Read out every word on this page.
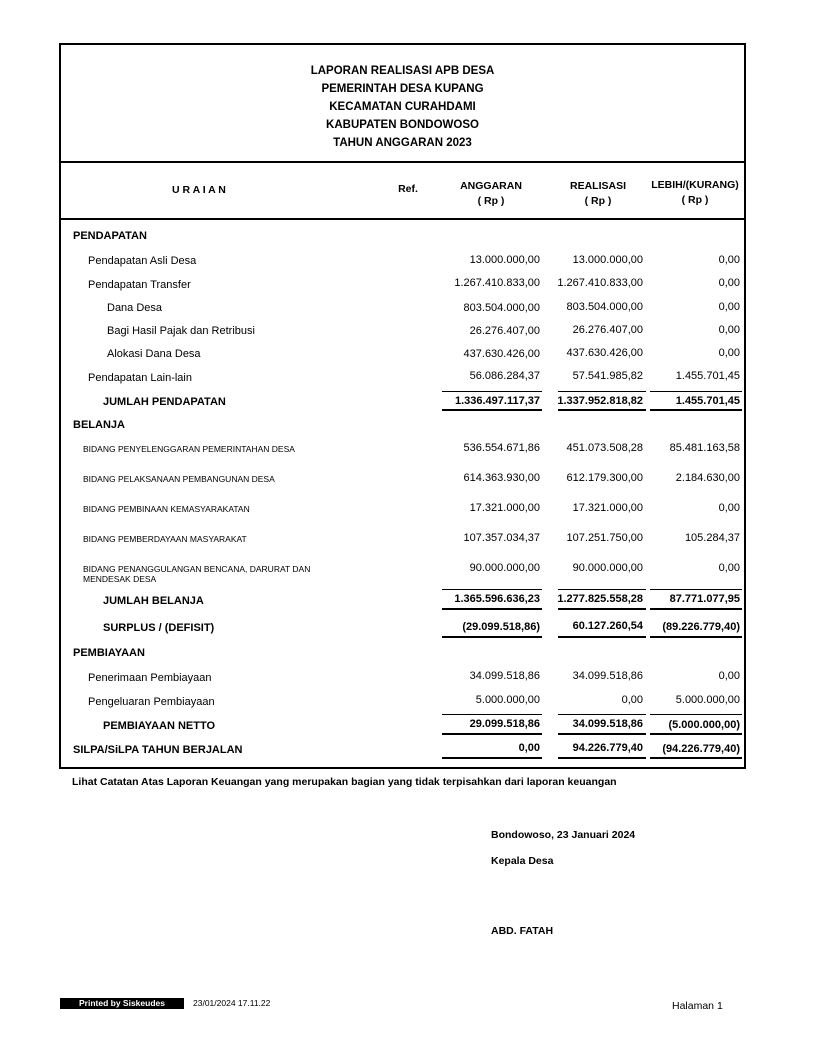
LAPORAN REALISASI APB DESA
PEMERINTAH DESA KUPANG
KECAMATAN CURAHDAMI
KABUPATEN BONDOWOSO
TAHUN ANGGARAN 2023
U R A I A N	Ref.	ANGGARAN
( Rp )
REALISASI
( Rp )
LEBIH/(KURANG)
( Rp )
PENDAPATAN
Pendapatan Asli Desa	13.000.000,00	13.000.000,00	0,00
Pendapatan Transfer	1.267.410.833,00 1.267.410.833,00	0,00
Dana Desa	803.504.000,00 803.504.000,00	0,00
Bagi Hasil Pajak dan Retribusi	26.276.407,00	26.276.407,00	0,00
Alokasi Dana Desa	437.630.426,00 437.630.426,00	0,00
Pendapatan Lain-lain	56.086.284,37	57.541.985,82	1.455.701,45
JUMLAH PENDAPATAN	1.336.497.117,37 1.337.952.818,82	1.455.701,45
BELANJA
BIDANG PENYELENGGARAN PEMERINTAHAN DESA	536.554.671,86 451.073.508,28 85.481.163,58
BIDANG PELAKSANAAN PEMBANGUNAN DESA	614.363.930,00 612.179.300,00	2.184.630,00
BIDANG PEMBINAAN KEMASYARAKATAN	17.321.000,00	17.321.000,00	0,00
BIDANG PEMBERDAYAAN MASYARAKAT	107.357.034,37 107.251.750,00	105.284,37
BIDANG PENANGGULANGAN BENCANA, DARURAT DAN
MENDESAK DESA
90.000.000,00	90.000.000,00	0,00
JUMLAH BELANJA	1.365.596.636,23 1.277.825.558,28 87.771.077,95
SURPLUS / (DEFISIT)	(29.099.518,86)	60.127.260,54 (89.226.779,40)
PEMBIAYAAN
Penerimaan Pembiayaan	34.099.518,86	34.099.518,86	0,00
Pengeluaran Pembiayaan	5.000.000,00	0,00	5.000.000,00
PEMBIAYAAN NETTO	29.099.518,86	34.099.518,86 (5.000.000,00)
SILPA/SiLPA TAHUN BERJALAN	0,00	94.226.779,40 (94.226.779,40)
Lihat Catatan Atas Laporan Keuangan yang merupakan bagian yang tidak terpisahkan dari laporan keuangan
Bondowoso, 23 Januari 2024
Kepala Desa
ABD. FATAH
Printed by Siskeudes	23/01/2024 17.11.22	Halaman 1
